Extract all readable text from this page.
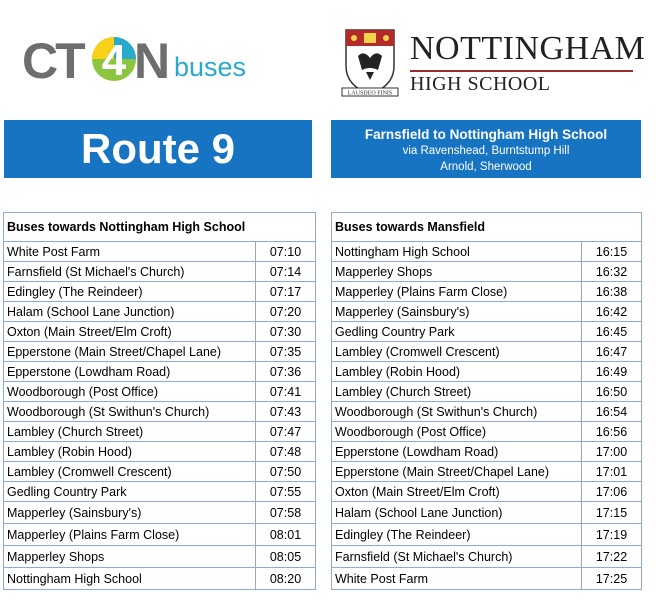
CT 4 N buses
LAUSDEO FINIS
NOTTINGHAM
HIGH SCHOOL
Route 9	Farnsfield to Nottingham High School
via Ravenshead, Burntstump Hill
Arnold, Sherwood
Buses towards Nottingham High School	
White Post Farm	07:10
Farnsfield (St Michael's Church)	07:14
Edingley (The Reindeer)	07:17
Halam (School Lane Junction)	07:20
Oxton (Main Street/Elm Croft)	07:30
Epperstone (Main Street/Chapel Lane)	07:35
Epperstone (Lowdham Road)	07:36
Woodborough (Post Office)	07:41
Woodborough (St Swithun's Church)	07:43
Lambley (Church Street)	07:47
Lambley (Robin Hood)	07:48
Lambley (Cromwell Crescent)	07:50
Gedling Country Park	07:55
Mapperley (Sainsbury's)	07:58
Mapperley (Plains Farm Close)	08:01
Mapperley Shops	08:05
Nottingham High School	08:20
Buses towards Mansfield	
Nottingham High School	16:15
Mapperley Shops	16:32
Mapperley (Plains Farm Close)	16:38
Mapperley (Sainsbury's)	16:42
Gedling Country Park	16:45
Lambley (Cromwell Crescent)	16:47
Lambley (Robin Hood)	16:49
Lambley (Church Street)	16:50
Woodborough (St Swithun's Church)	16:54
Woodborough (Post Office)	16:56
Epperstone (Lowdham Road)	17:00
Epperstone (Main Street/Chapel Lane)	17:01
Oxton (Main Street/Elm Croft)	17:06
Halam (School Lane Junction)	17:15
Edingley (The Reindeer)	17:19
Farnsfield (St Michael's Church)	17:22
White Post Farm	17:25
